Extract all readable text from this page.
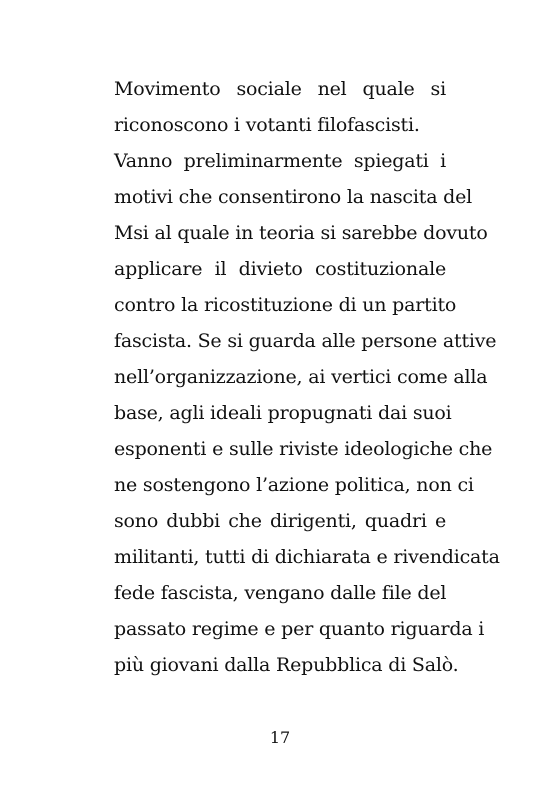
Movimento sociale nel quale si
riconoscono i votanti filofascisti.
Vanno preliminarmente spiegati i
motivi che consentirono la nascita del
Msi al quale in teoria si sarebbe dovuto
applicare il divieto costituzionale
contro la ricostituzione di un partito
fascista. Se si guarda alle persone attive
nell’organizzazione, ai vertici come alla
base, agli ideali propugnati dai suoi
esponenti e sulle riviste ideologiche che
ne sostengono l’azione politica, non ci
sono dubbi che dirigenti, quadri e
militanti, tutti di dichiarata e rivendicata
fede fascista, vengano dalle file del
passato regime e per quanto riguarda i
più giovani dalla Repubblica di Salò.
17
